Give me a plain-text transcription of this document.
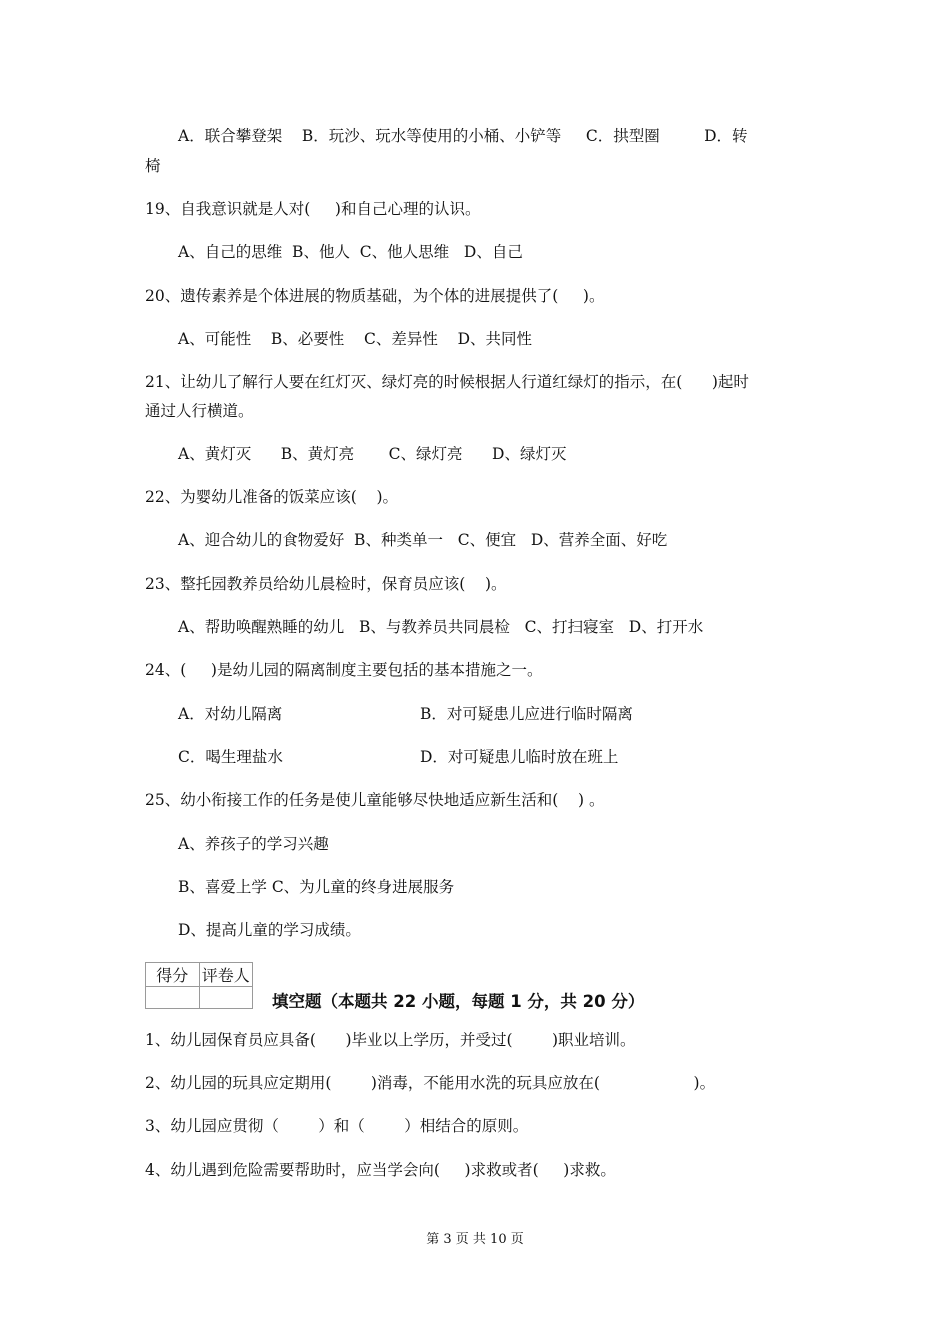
A．联合攀登架    B．玩沙、玩水等使用的小桶、小铲等     C．拱型圈         D．转
椅
19、自我意识就是人对(     )和自己心理的认识。
A、自己的思维  B、他人  C、他人思维   D、自己
20、遗传素养是个体进展的物质基础，为个体的进展提供了(     )。
A、可能性    B、必要性    C、差异性    D、共同性
21、让幼儿了解行人要在红灯灭、绿灯亮的时候根据人行道红绿灯的指示，在(      )起时
通过人行横道。
A、黄灯灭      B、黄灯亮       C、绿灯亮      D、绿灯灭
22、为婴幼儿准备的饭菜应该(    )。
A、迎合幼儿的食物爱好  B、种类单一   C、便宜   D、营养全面、好吃
23、整托园教养员给幼儿晨检时，保育员应该(    )。
A、帮助唤醒熟睡的幼儿   B、与教养员共同晨检   C、打扫寝室   D、打开水
24、(     )是幼儿园的隔离制度主要包括的基本措施之一。
A．对幼儿隔离	B．对可疑患儿应进行临时隔离
C．喝生理盐水	D．对可疑患儿临时放在班上
25、幼小衔接工作的任务是使儿童能够尽快地适应新生活和(    ) 。
A、养孩子的学习兴趣
B、喜爱上学 C、为儿童的终身进展服务
D、提高儿童的学习成绩。
得分	评卷人

填空题（本题共 22 小题，每题 1 分，共 20 分）
1、幼儿园保育员应具备(      )毕业以上学历，并受过(        )职业培训。
2、幼儿园的玩具应定期用(        )消毒，不能用水洗的玩具应放在(                   )。
3、幼儿园应贯彻（        ）和（        ）相结合的原则。
4、幼儿遇到危险需要帮助时，应当学会向(     )求救或者(     )求救。
第 3 页 共 10 页
